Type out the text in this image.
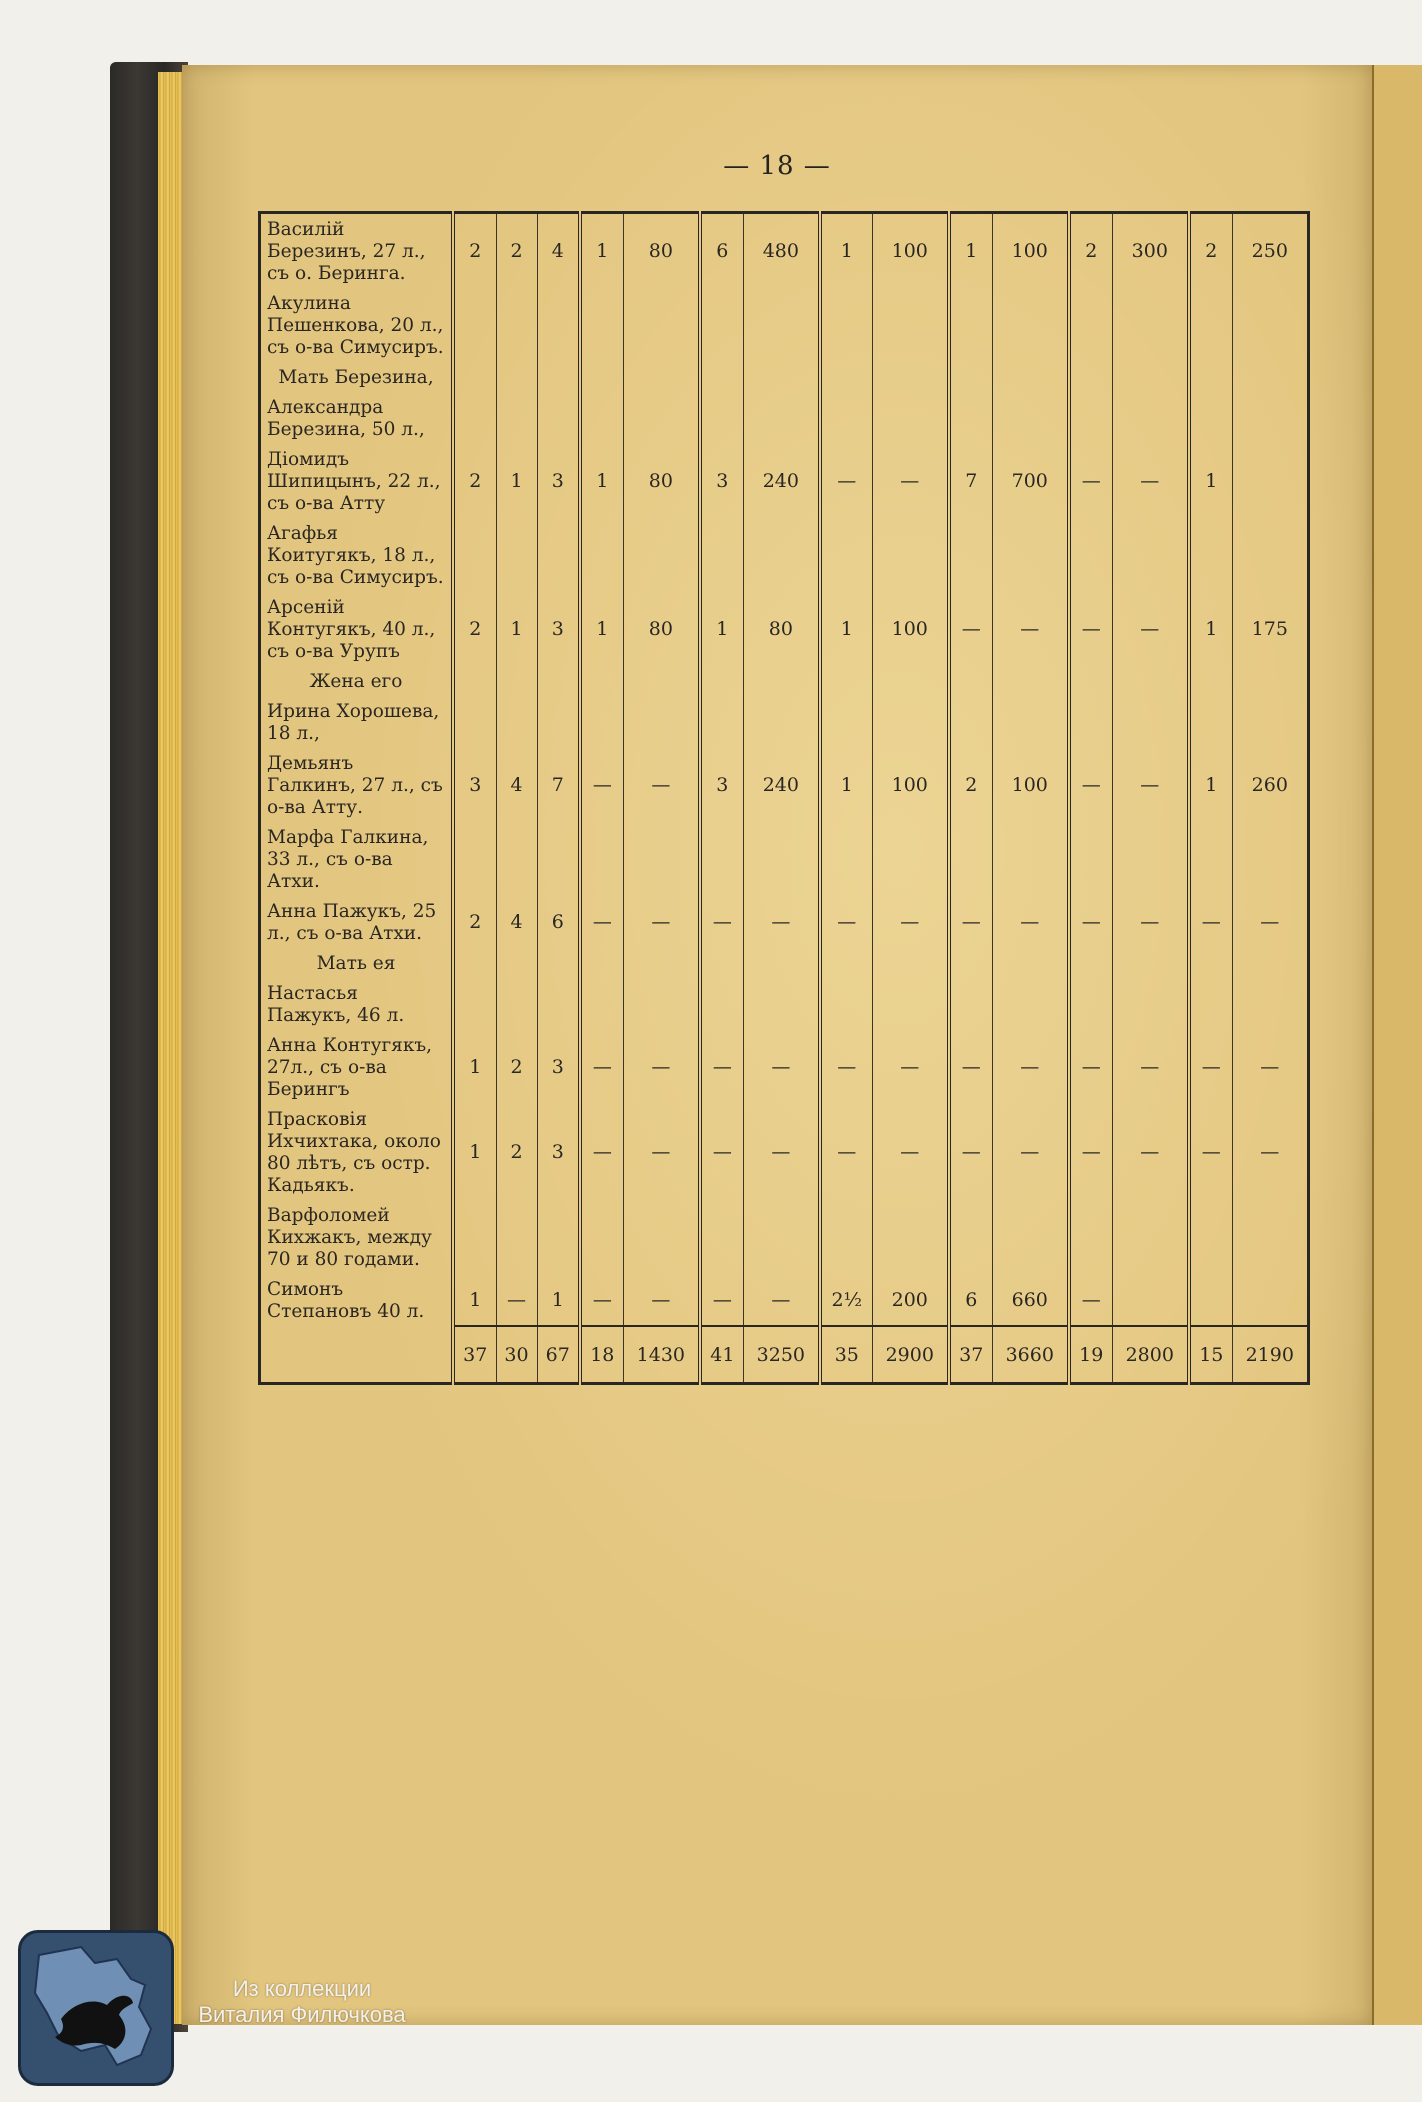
— 18 —
Василій Березинъ, 27 л., съ о. Беринга.	2	2	4	1	80	6	480	1	100	1	100	2	300	2	250
Акулина Пешенкова, 20 л., съ о-ва Симусиръ.															
Мать Березина,															
Александра Березина, 50 л.,															
Діомидъ Шипицынъ, 22 л., съ о-ва Атту	2	1	3	1	80	3	240	—	—	7	700	—	—	1	
Агафья Коитугякъ, 18 л., съ о-ва Симусиръ.															
Арсеній Контугякъ, 40 л., съ о-ва Урупъ	2	1	3	1	80	1	80	1	100	—	—	—	—	1	175
Жена его															
Ирина Хорошева, 18 л.,															
Демьянъ Галкинъ, 27 л., съ о-ва Атту.	3	4	7	—	—	3	240	1	100	2	100	—	—	1	260
Марфа Галкина, 33 л., съ о-ва Атхи.															
Анна Пажукъ, 25 л., съ о-ва Атхи.	2	4	6	—	—	—	—	—	—	—	—	—	—	—	—
Мать ея															
Настасья Пажукъ, 46 л.															
Анна Контугякъ, 27л., съ о-ва Берингъ	1	2	3	—	—	—	—	—	—	—	—	—	—	—	—
Прасковія Ихчихтака, около 80 лѣтъ, съ остр. Кадьякъ.	1	2	3	—	—	—	—	—	—	—	—	—	—	—	—
Варфоломей Кихжакъ, между 70 и 80 годами.															
Симонъ Степановъ 40 л.	1	—	1	—	—	—	—	2½	200	6	660	—			
	37	30	67	18	1430	41	3250	35	2900	37	3660	19	2800	15	2190
Из коллекции
Виталия Филючкова
